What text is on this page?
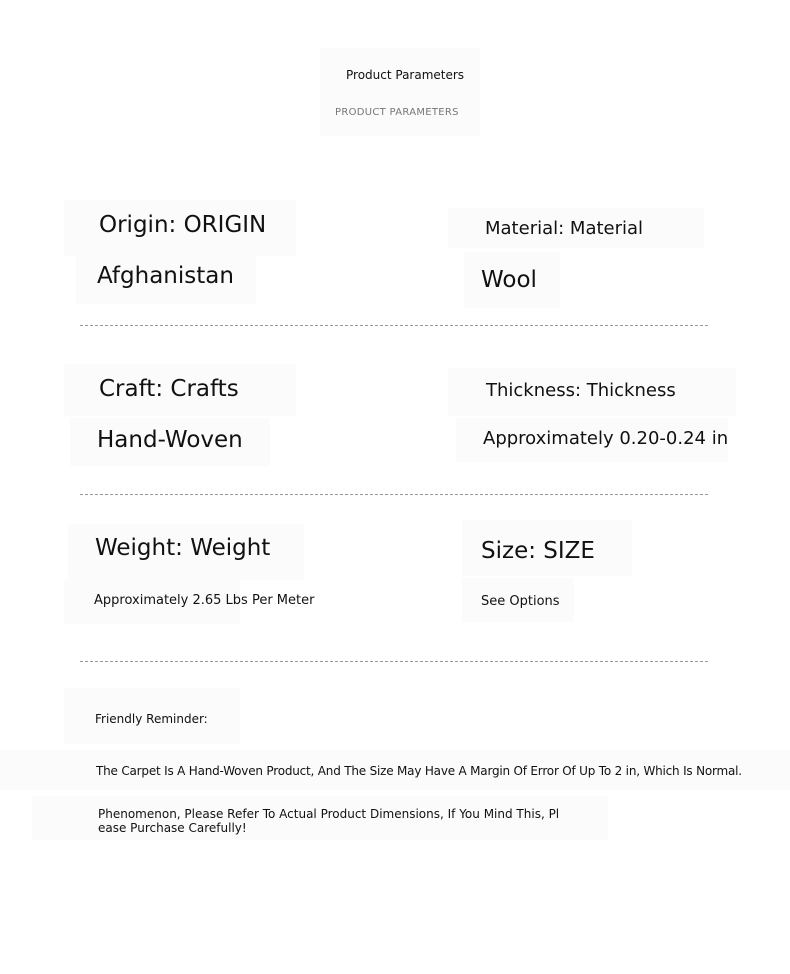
Product Parameters
PRODUCT PARAMETERS
Origin: ORIGIN
Afghanistan
Material: Material
Wool
Craft: Crafts
Hand-Woven
Thickness: Thickness
Approximately 0.20-0.24 in
Weight: Weight
Approximately 2.65 Lbs Per Meter
Size: SIZE
See Options
Friendly Reminder:
The Carpet Is A Hand-Woven Product, And The Size May Have A Margin Of Error Of Up To 2 in, Which Is Normal.
Phenomenon, Please Refer To Actual Product Dimensions, If You Mind This, Pl
ease Purchase Carefully!
